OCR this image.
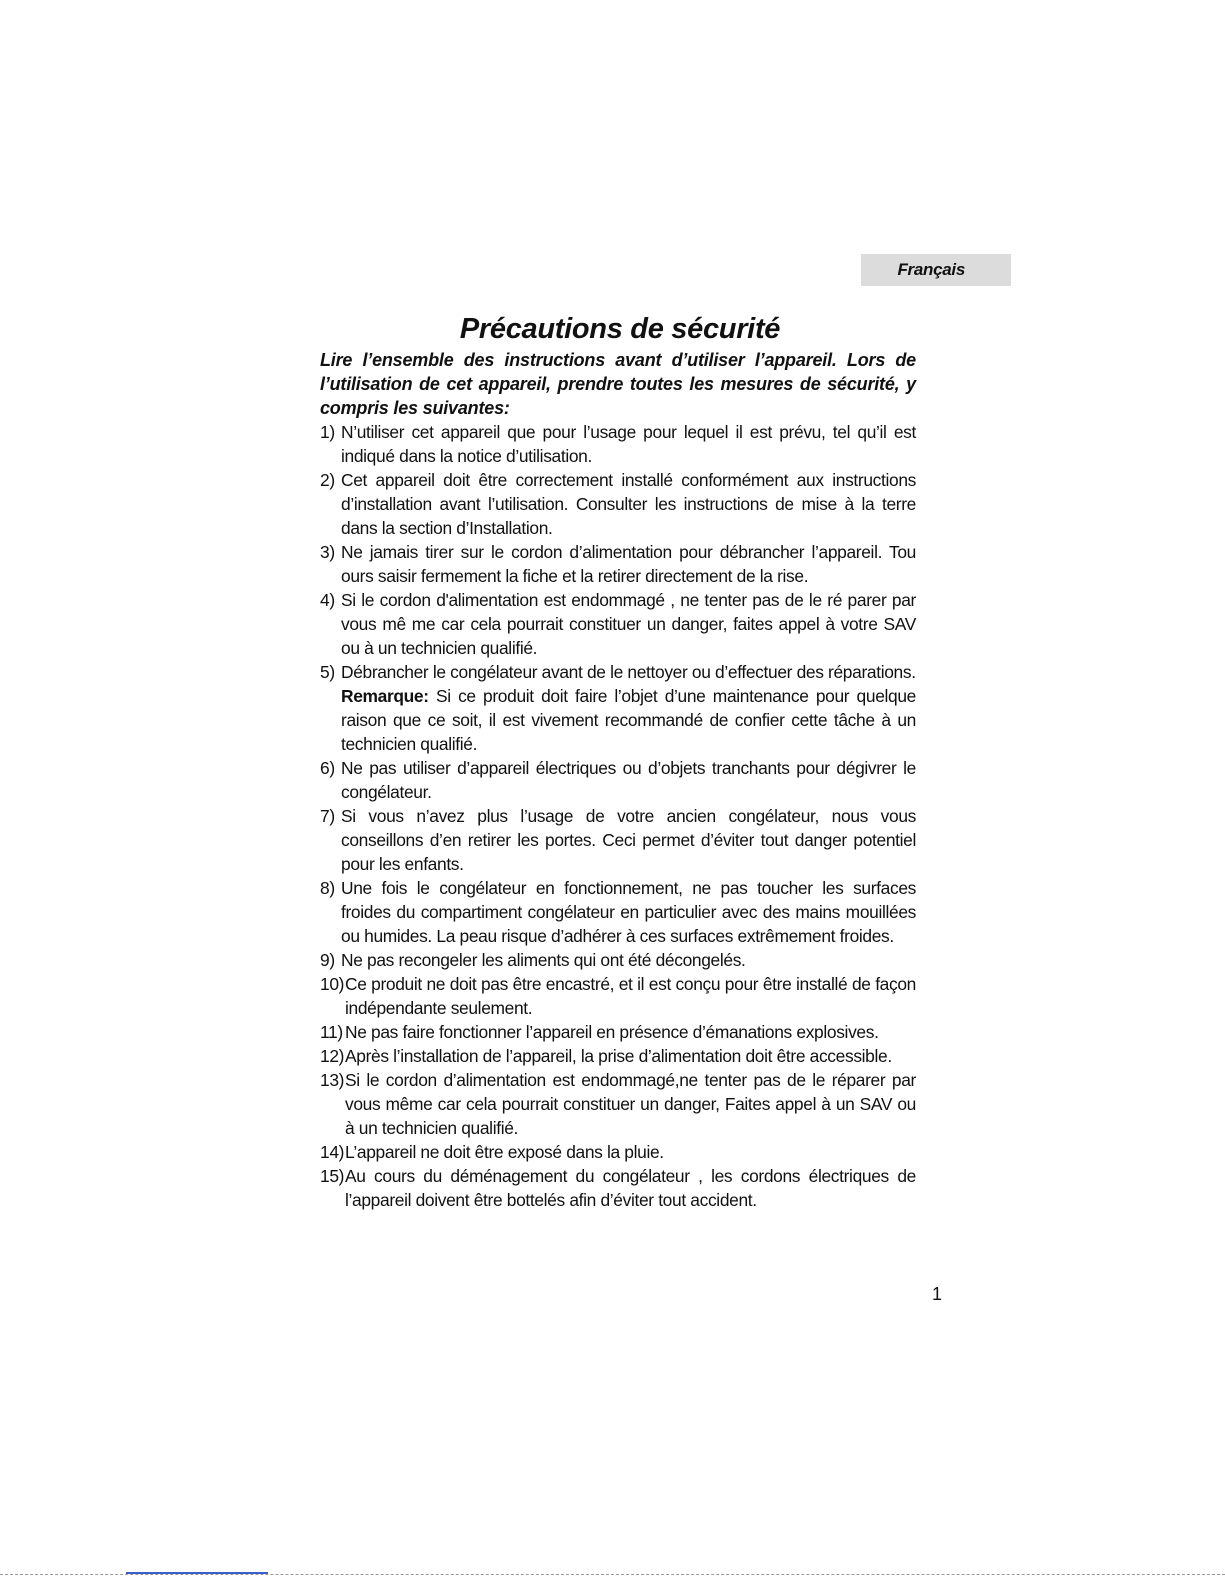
Français
Précautions de sécurité

Lire l’ensemble des instructions avant d’utiliser l’appareil. Lors de l’utilisation de cet appareil, prendre toutes les mesures de sécurité, y compris les suivantes:

1) N’utiliser cet appareil que pour l’usage pour lequel il est prévu, tel qu’il est indiqué dans la notice d’utilisation.
2) Cet appareil doit être correctement installé conformément aux instructions d’installation avant l’utilisation. Consulter les instructions de mise à la terre dans la section d’Installation.
3) Ne jamais tirer sur le cordon d’alimentation pour débrancher l’appareil. Tou ours saisir fermement la fiche et la retirer directement de la rise.
4) Si le cordon d'alimentation est endommagé , ne tenter pas de le ré parer par vous mê me car cela pourrait constituer un danger, faites appel à votre SAV ou à un technicien qualifié.
5) Débrancher le congélateur avant de le nettoyer ou d’effectuer des réparations.
Remarque: Si ce produit doit faire l’objet d’une maintenance pour quelque raison que ce soit, il est vivement recommandé de confier cette tâche à un technicien qualifié.
6) Ne pas utiliser d’appareil électriques ou d’objets tranchants pour dégivrer le congélateur.
7) Si vous n’avez plus l’usage de votre ancien congélateur, nous vous conseillons d’en retirer les portes. Ceci permet d’éviter tout danger potentiel pour les enfants.
8) Une fois le congélateur en fonctionnement, ne pas toucher les surfaces froides du compartiment congélateur en particulier avec des mains mouillées ou humides. La peau risque d’adhérer à ces surfaces extrêmement froides.
9) Ne pas recongeler les aliments qui ont été décongelés.
10) Ce produit ne doit pas être encastré, et il est conçu pour être installé de façon indépendante seulement.
11) Ne pas faire fonctionner l’appareil en présence d’émanations explosives.
12) Après l’installation de l’appareil, la prise d’alimentation doit être accessible.
13) Si le cordon d’alimentation est endommagé,ne tenter pas de le réparer par vous même car cela pourrait constituer un danger, Faites appel à un SAV ou à un technicien qualifié.
14) L’appareil ne doit être exposé dans la pluie.
15) Au cours du déménagement du congélateur , les cordons électriques de l’appareil doivent être bottelés afin d’éviter tout accident.
1
